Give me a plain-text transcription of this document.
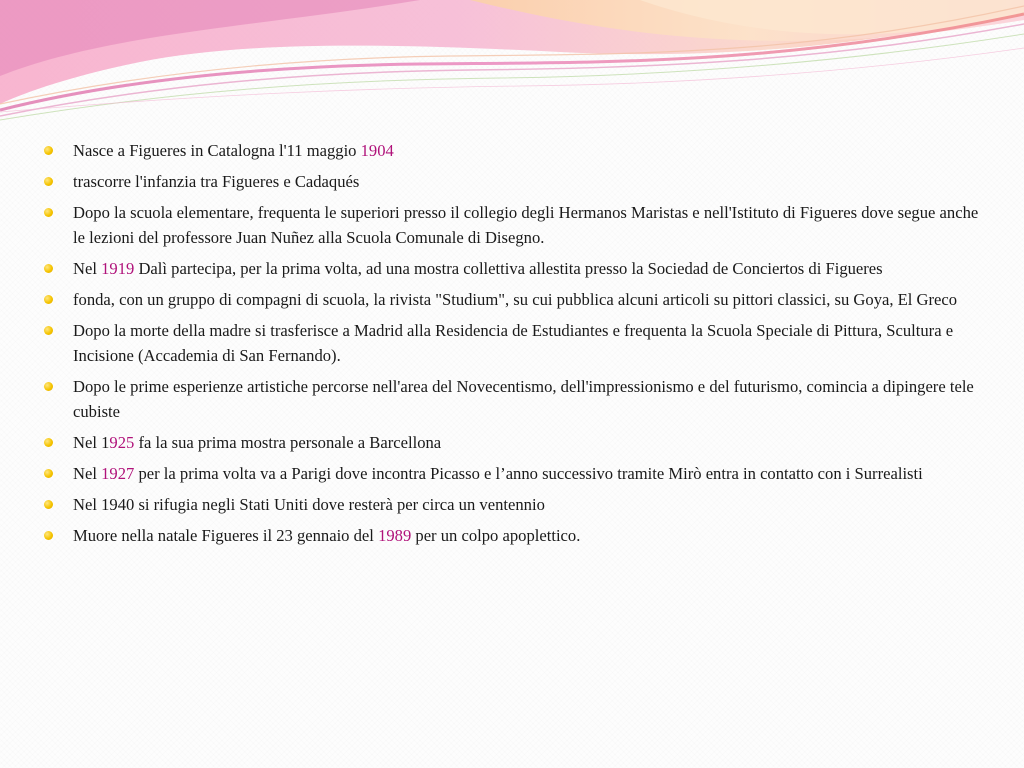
Nasce a Figueres in Catalogna l'11 maggio 1904
trascorre l'infanzia tra Figueres e Cadaqués
Dopo la scuola elementare, frequenta le superiori presso il collegio degli Hermanos Maristas e nell'Istituto di Figueres dove segue anche le lezioni del professore Juan Nuñez alla Scuola Comunale di Disegno.
Nel 1919 Dalì partecipa, per la prima volta, ad una mostra collettiva allestita presso la Sociedad de Conciertos di Figueres
fonda, con un gruppo di compagni di scuola, la rivista "Studium", su cui pubblica alcuni articoli su pittori classici, su Goya, El Greco
Dopo la morte della madre si trasferisce a Madrid alla Residencia de Estudiantes e frequenta la Scuola Speciale di Pittura, Scultura e Incisione (Accademia di San Fernando).
Dopo le prime esperienze artistiche percorse nell'area del Novecentismo, dell'impressionismo e del futurismo, comincia a dipingere tele cubiste
Nel 1925 fa la sua prima mostra personale a Barcellona
Nel 1927 per la prima volta va a Parigi dove incontra Picasso e l’anno successivo tramite Mirò entra in contatto con i Surrealisti
Nel 1940 si rifugia negli Stati Uniti dove resterà per circa un ventennio
Muore nella natale Figueres il 23 gennaio del 1989 per un colpo apoplettico.
